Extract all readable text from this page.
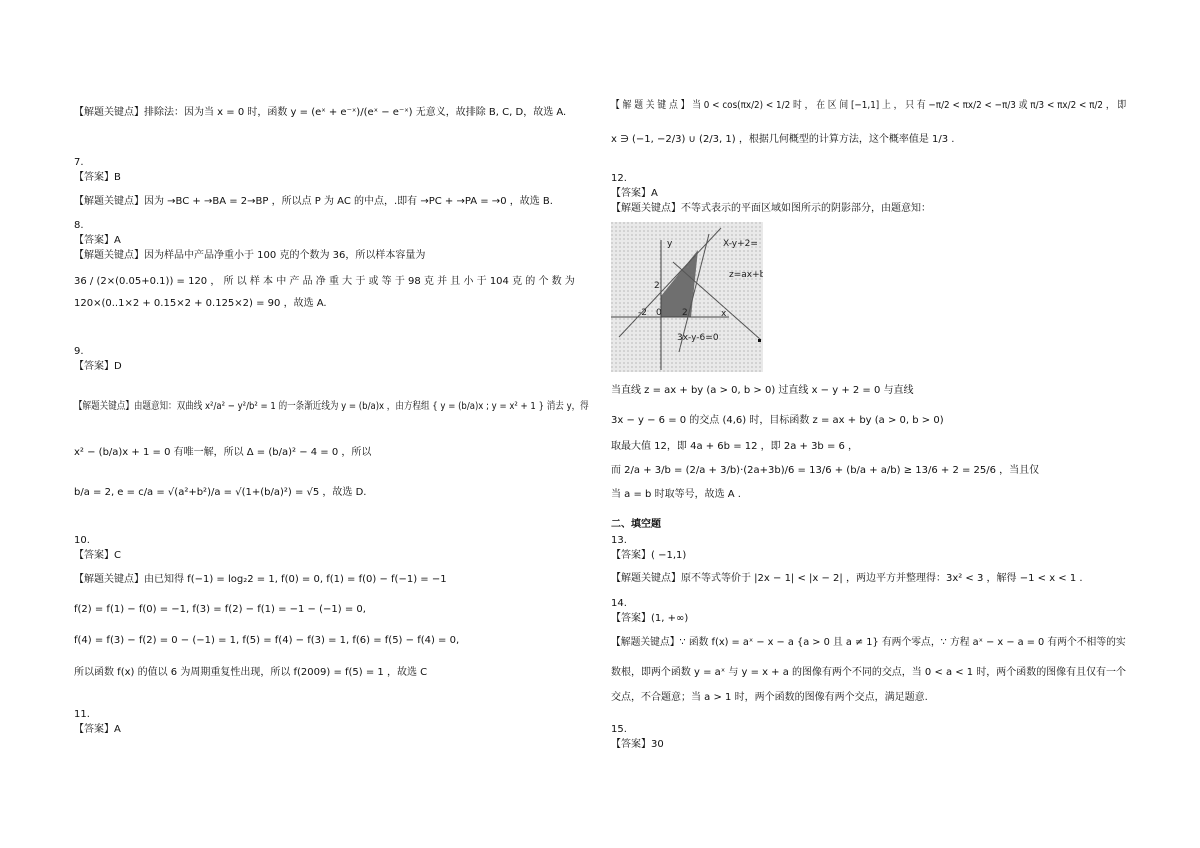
【解题关键点】排除法：因为当 x = 0 时，函数 y = (eˣ + e⁻ˣ)/(eˣ − e⁻ˣ) 无意义，故排除 B, C, D，故选 A.
7.
【答案】B
【解题关键点】因为 →BC + →BA = 2→BP ，所以点 P 为 AC 的中点，.即有 →PC + →PA = →0 ，故选 B.
8.
【答案】A
【解题关键点】因为样品中产品净重小于 100 克的个数为 36，所以样本容量为
36 / (2×(0.05+0.1)) = 120 ， 所 以 样 本 中 产 品 净 重 大 于 或 等 于 98 克 并 且 小 于 104 克 的 个 数 为
120×(0..1×2 + 0.15×2 + 0.125×2) = 90 ，故选 A.
9.
【答案】D
【解题关键点】由题意知：双曲线 x²/a² − y²/b² = 1 的一条渐近线为 y = (b/a)x ，由方程组 { y = (b/a)x ; y = x² + 1 } 消去 y，得
x² − (b/a)x + 1 = 0 有唯一解，所以 Δ = (b/a)² − 4 = 0 ，所以
b/a = 2, e = c/a = √(a²+b²)/a = √(1+(b/a)²) = √5 ，故选 D.
10.
【答案】C
【解题关键点】由已知得 f(−1) = log₂2 = 1, f(0) = 0, f(1) = f(0) − f(−1) = −1
f(2) = f(1) − f(0) = −1, f(3) = f(2) − f(1) = −1 − (−1) = 0,
f(4) = f(3) − f(2) = 0 − (−1) = 1, f(5) = f(4) − f(3) = 1, f(6) = f(5) − f(4) = 0,
所以函数 f(x) 的值以 6 为周期重复性出现，所以 f(2009) = f(5) = 1 ，故选 C
11.
【答案】A
【 解 题 关 键 点 】 当 0 < cos(πx/2) < 1/2 时 ， 在 区 间 [−1,1] 上 ， 只 有 −π/2 < πx/2 < −π/3 或 π/3 < πx/2 < π/2 ， 即
x ∋ (−1, −2/3) ∪ (2/3, 1) ，根据几何概型的计算方法，这个概率值是 1/3 .
12.
【答案】A
【解题关键点】不等式表示的平面区域如图所示的阴影部分，由题意知：
X-y+2=
z=ax+b
3x-y-6=0
y
x
2
-2 0 2
当直线 z = ax + by (a > 0, b > 0) 过直线 x − y + 2 = 0 与直线
3x − y − 6 = 0 的交点 (4,6) 时，目标函数 z = ax + by (a > 0, b > 0)
取最大值 12，即 4a + 6b = 12 ，即 2a + 3b = 6 ，
而 2/a + 3/b = (2/a + 3/b)·(2a+3b)/6 = 13/6 + (b/a + a/b) ≥ 13/6 + 2 = 25/6 ，当且仅
当 a = b 时取等号，故选 A .
二、填空题
13.
【答案】( −1,1)
【解题关键点】原不等式等价于 |2x − 1| < |x − 2| ，两边平方并整理得：3x² < 3 ，解得 −1 < x < 1 .
14.
【答案】(1, +∞)
【解题关键点】∵ 函数 f(x) = aˣ − x − a {a > 0 且 a ≠ 1} 有两个零点，∵ 方程 aˣ − x − a = 0 有两个不相等的实
数根，即两个函数 y = aˣ 与 y = x + a 的图像有两个不同的交点，当 0 < a < 1 时，两个函数的图像有且仅有一个
交点，不合题意；当 a > 1 时，两个函数的图像有两个交点，满足题意.
15.
【答案】30
